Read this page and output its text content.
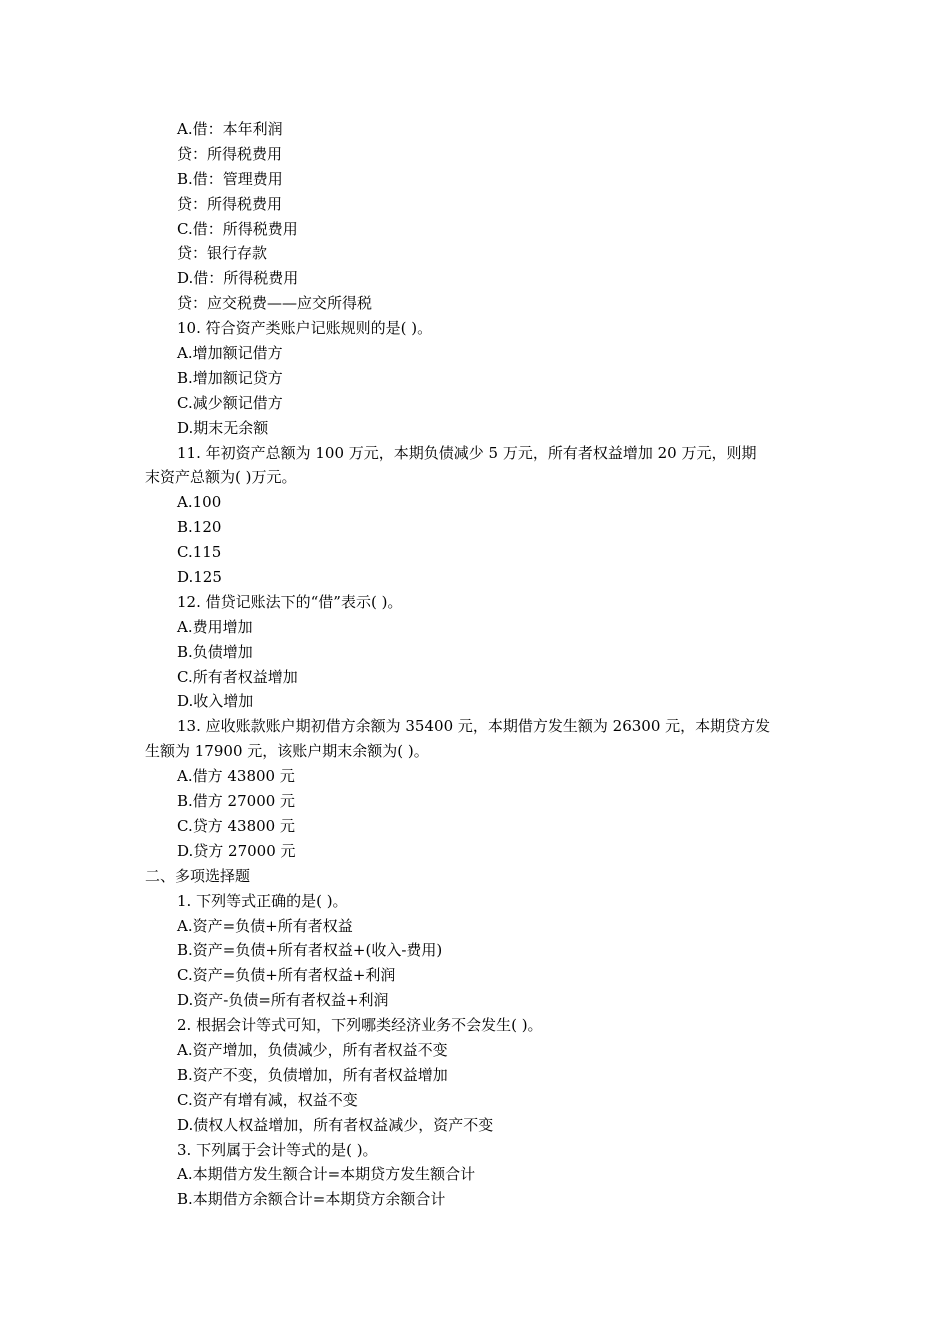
A.借：本年利润

贷：所得税费用

B.借：管理费用

贷：所得税费用

C.借：所得税费用

贷：银行存款

D.借：所得税费用

贷：应交税费——应交所得税

10. 符合资产类账户记账规则的是( )。

A.增加额记借方

B.增加额记贷方

C.减少额记借方

D.期末无余额

11. 年初资产总额为 100 万元，本期负债减少 5 万元，所有者权益增加 20 万元，则期

末资产总额为( )万元。

A.100

B.120

C.115

D.125

12. 借贷记账法下的“借”表示( )。

A.费用增加

B.负债增加

C.所有者权益增加

D.收入增加

13. 应收账款账户期初借方余额为 35400 元，本期借方发生额为 26300 元，本期贷方发

生额为 17900 元，该账户期末余额为( )。

A.借方 43800 元

B.借方 27000 元

C.贷方 43800 元

D.贷方 27000 元

二、多项选择题

1. 下列等式正确的是( )。

A.资产=负债+所有者权益

B.资产=负债+所有者权益+(收入-费用)

C.资产=负债+所有者权益+利润

D.资产-负债=所有者权益+利润

2. 根据会计等式可知，下列哪类经济业务不会发生( )。

A.资产增加，负债减少，所有者权益不变

B.资产不变，负债增加，所有者权益增加

C.资产有增有减，权益不变

D.债权人权益增加，所有者权益减少，资产不变

3. 下列属于会计等式的是( )。

A.本期借方发生额合计=本期贷方发生额合计

B.本期借方余额合计=本期贷方余额合计
